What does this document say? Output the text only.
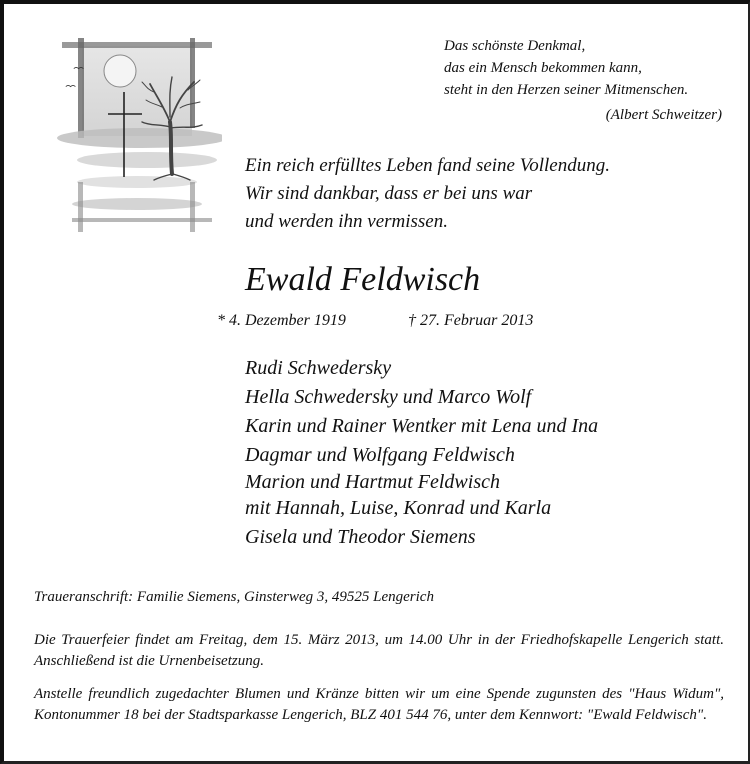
Das schönste Denkmal,
das ein Mensch bekommen kann,
steht in den Herzen seiner Mitmenschen.
(Albert Schweitzer)
Ein reich erfülltes Leben fand seine Vollendung.
Wir sind dankbar, dass er bei uns war
und werden ihn vermissen.
Ewald Feldwisch
* 4. Dezember 1919	† 27. Februar 2013
Rudi Schwedersky
Hella Schwedersky und Marco Wolf
Karin und Rainer Wentker mit Lena und Ina
Dagmar und Wolfgang Feldwisch
Marion und Hartmut Feldwisch
mit Hannah, Luise, Konrad und Karla
Gisela und Theodor Siemens
Traueranschrift: Familie Siemens, Ginsterweg 3, 49525 Lengerich
Die Trauerfeier findet am Freitag, dem 15. März 2013, um 14.00 Uhr in der Friedhofskapelle Lengerich statt. Anschließend ist die Urnenbeisetzung.
Anstelle freundlich zugedachter Blumen und Kränze bitten wir um eine Spende zugunsten des "Haus Widum", Kontonummer 18 bei der Stadtsparkasse Lengerich, BLZ 401 544 76, unter dem Kennwort: "Ewald Feldwisch".
